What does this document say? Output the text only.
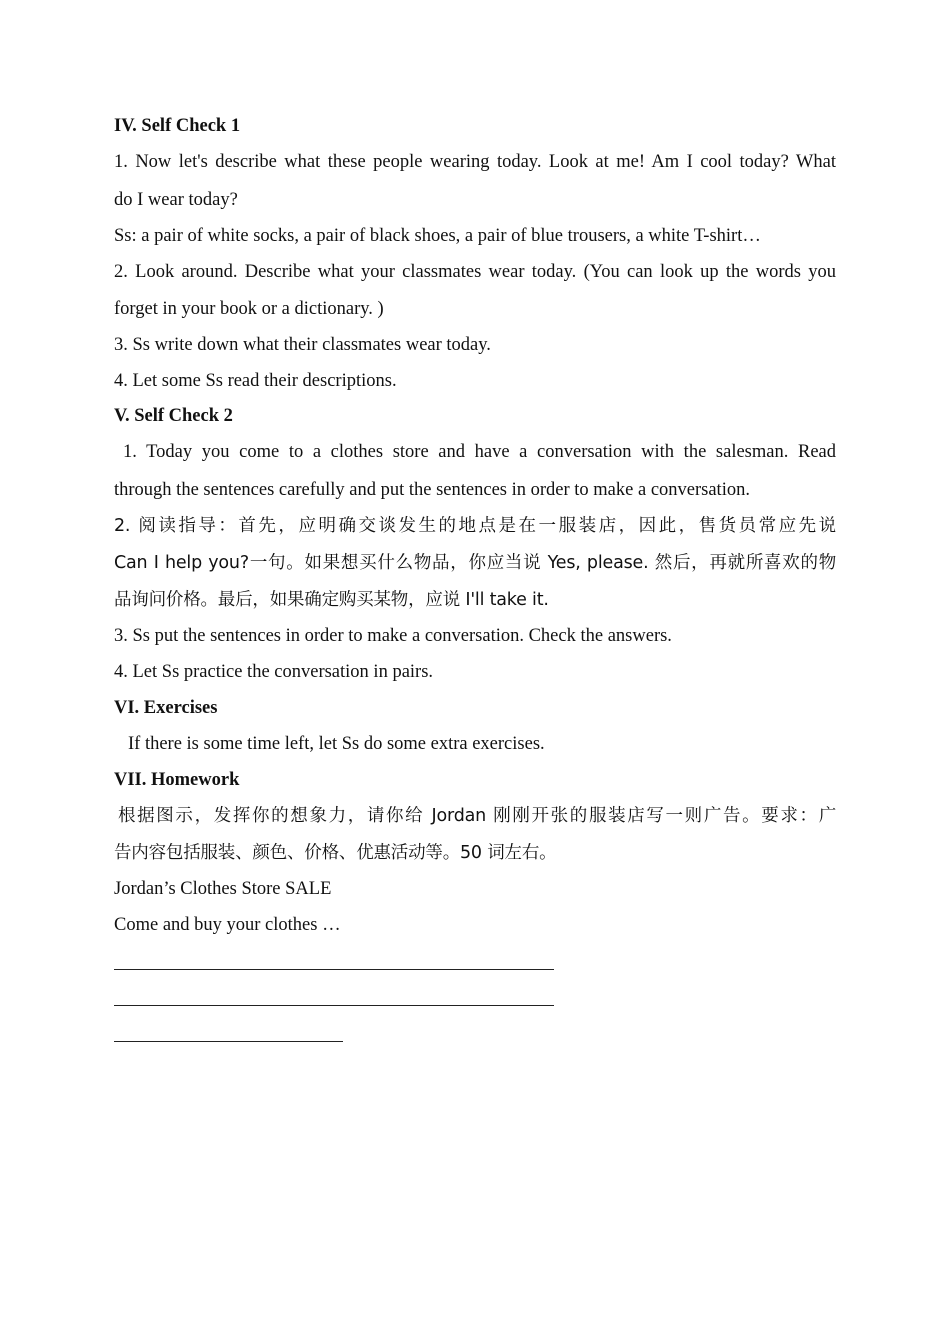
IV. Self Check 1
1. Now let's describe what these people wearing today. Look at me! Am I cool today? What
do I wear today?
Ss: a pair of white socks, a pair of black shoes, a pair of blue trousers, a white T-shirt…
2. Look around. Describe what your classmates wear today. (You can look up the words you
forget in your book or a dictionary. )
3. Ss write down what their classmates wear today.
4. Let some Ss read their descriptions.
V. Self Check 2
1. Today you come to a clothes store and have a conversation with the salesman. Read
through the sentences carefully and put the sentences in order to make a conversation.
2. 阅读指导：首先，应明确交谈发生的地点是在一服装店，因此，售货员常应先说
Can I help you?一句。如果想买什么物品，你应当说 Yes, please. 然后，再就所喜欢的物
品询问价格。最后，如果确定购买某物，应说 I'll take it.
3. Ss put the sentences in order to make a conversation. Check the answers.
4. Let Ss practice the conversation in pairs.
VI. Exercises
If there is some time left, let Ss do some extra exercises.
VII. Homework
根据图示，发挥你的想象力，请你给 Jordan 刚刚开张的服装店写一则广告。要求：广
告内容包括服装、颜色、价格、优惠活动等。50 词左右。
Jordan’s Clothes Store SALE
Come and buy your clothes …
